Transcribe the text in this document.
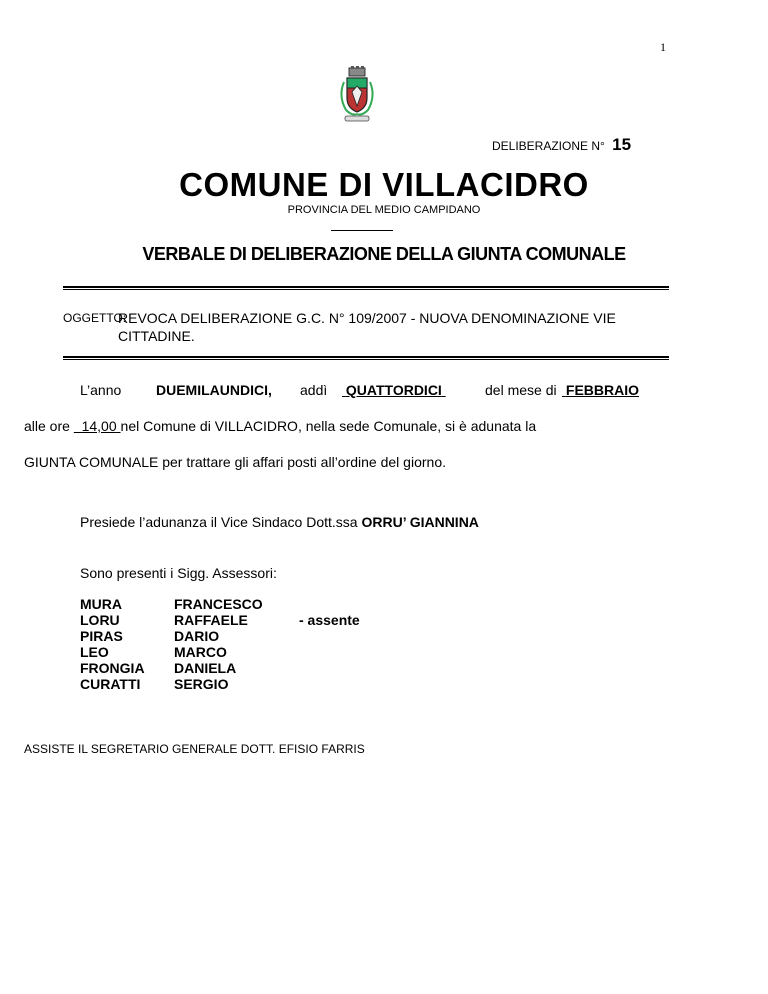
1
DELIBERAZIONE N° 15
COMUNE DI VILLACIDRO
PROVINCIA DEL MEDIO CAMPIDANO
VERBALE DI DELIBERAZIONE DELLA GIUNTA COMUNALE
OGGETTO:
REVOCA DELIBERAZIONE G.C. N° 109/2007 - NUOVA DENOMINAZIONE VIE CITTADINE.
L’anno DUEMILAUNDICI, addì QUATTORDICI	del mese di FEBBRAIO
alle ore 14,00 nel Comune di VILLACIDRO, nella sede Comunale, si è adunata la
GIUNTA COMUNALE per trattare gli affari posti all’ordine del giorno.
Presiede l’adunanza il Vice Sindaco Dott.ssa ORRU’ GIANNINA
Sono presenti i Sigg. Assessori:
MURA	FRANCESCO	
LORU	RAFFAELE	- assente
PIRAS	DARIO	
LEO	MARCO	
FRONGIA	DANIELA	
CURATTI	SERGIO	
ASSISTE IL SEGRETARIO GENERALE DOTT. EFISIO FARRIS
